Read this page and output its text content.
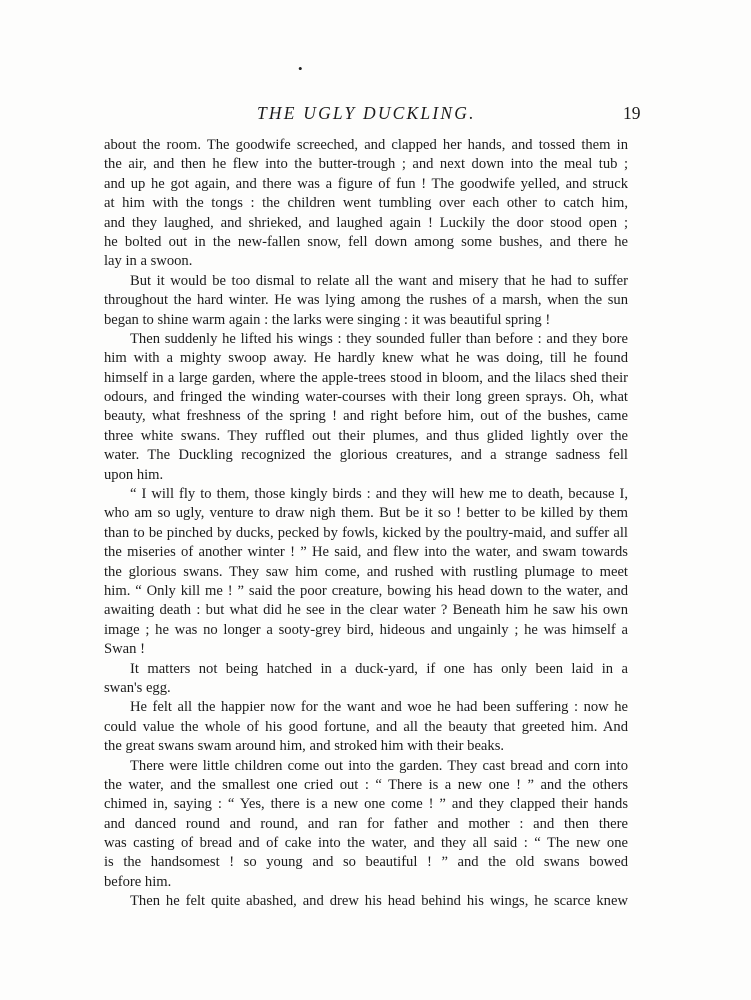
•
THE UGLY DUCKLING.	19
about the room. The goodwife screeched, and clapped her hands, and tossed them in
the air, and then he flew into the butter-trough ; and next down into the meal tub ;
and up he got again, and there was a figure of fun ! The goodwife yelled, and struck
at him with the tongs : the children went tumbling over each other to catch him,
and they laughed, and shrieked, and laughed again ! Luckily the door stood open ;
he bolted out in the new-fallen snow, fell down among some bushes, and there he
lay in a swoon.
But it would be too dismal to relate all the want and misery that he had to suffer
throughout the hard winter. He was lying among the rushes of a marsh, when the sun
began to shine warm again : the larks were singing : it was beautiful spring !
Then suddenly he lifted his wings : they sounded fuller than before : and they bore
him with a mighty swoop away. He hardly knew what he was doing, till he found
himself in a large garden, where the apple-trees stood in bloom, and the lilacs shed their
odours, and fringed the winding water-courses with their long green sprays. Oh, what
beauty, what freshness of the spring ! and right before him, out of the bushes, came
three white swans. They ruffled out their plumes, and thus glided lightly over the
water. The Duckling recognized the glorious creatures, and a strange sadness fell
upon him.
“ I will fly to them, those kingly birds : and they will hew me to death, because I,
who am so ugly, venture to draw nigh them. But be it so ! better to be killed by them
than to be pinched by ducks, pecked by fowls, kicked by the poultry-maid, and suffer all
the miseries of another winter ! ” He said, and flew into the water, and swam towards
the glorious swans. They saw him come, and rushed with rustling plumage to meet
him. “ Only kill me ! ” said the poor creature, bowing his head down to the water, and
awaiting death : but what did he see in the clear water ? Beneath him he saw his own
image ; he was no longer a sooty-grey bird, hideous and ungainly ; he was himself a
Swan !
It matters not being hatched in a duck-yard, if one has only been laid in a
swan's egg.
He felt all the happier now for the want and woe he had been suffering : now he
could value the whole of his good fortune, and all the beauty that greeted him. And
the great swans swam around him, and stroked him with their beaks.
There were little children come out into the garden. They cast bread and corn into
the water, and the smallest one cried out : “ There is a new one ! ” and the others
chimed in, saying : “ Yes, there is a new one come ! ” and they clapped their hands
and danced round and round, and ran for father and mother : and then there
was casting of bread and of cake into the water, and they all said : “ The new one
is the handsomest ! so young and so beautiful ! ” and the old swans bowed
before him.
Then he felt quite abashed, and drew his head behind his wings, he scarce knew
